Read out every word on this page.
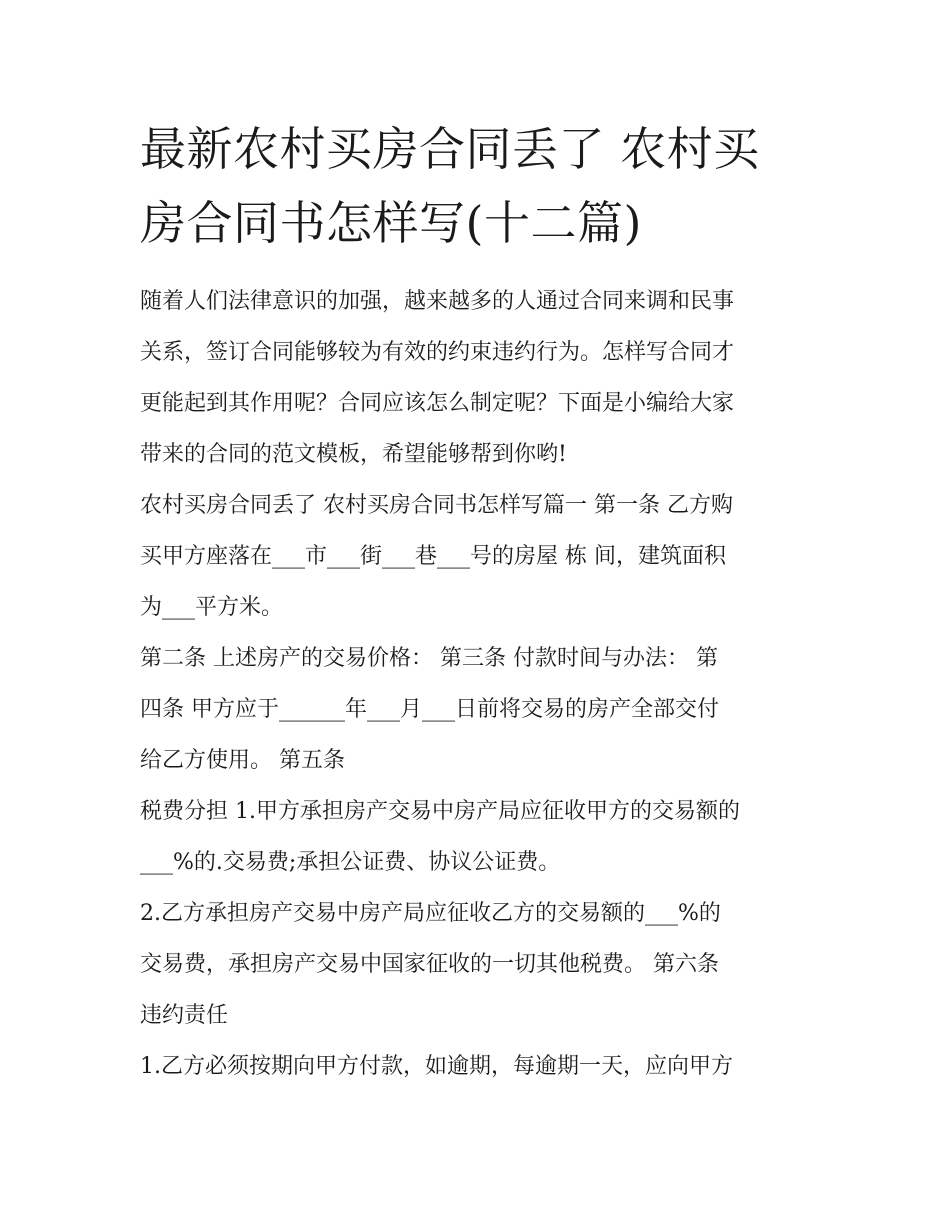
最新农村买房合同丢了 农村买
房合同书怎样写(十二篇)

随着人们法律意识的加强，越来越多的人通过合同来调和民事
关系，签订合同能够较为有效的约束违约行为。怎样写合同才
更能起到其作用呢？合同应该怎么制定呢？下面是小编给大家
带来的合同的范文模板，希望能够帮到你哟!

农村买房合同丢了 农村买房合同书怎样写篇一 第一条 乙方购
买甲方座落在___市___街___巷___号的房屋 栋 间，建筑面积
为___平方米。

第二条 上述房产的交易价格： 第三条 付款时间与办法： 第
四条 甲方应于______年___月___日前将交易的房产全部交付
给乙方使用。 第五条

税费分担 1.甲方承担房产交易中房产局应征收甲方的交易额的
___%的.交易费;承担公证费、协议公证费。

2.乙方承担房产交易中房产局应征收乙方的交易额的___%的
交易费，承担房产交易中国家征收的一切其他税费。 第六条
违约责任

1.乙方必须按期向甲方付款，如逾期，每逾期一天，应向甲方
